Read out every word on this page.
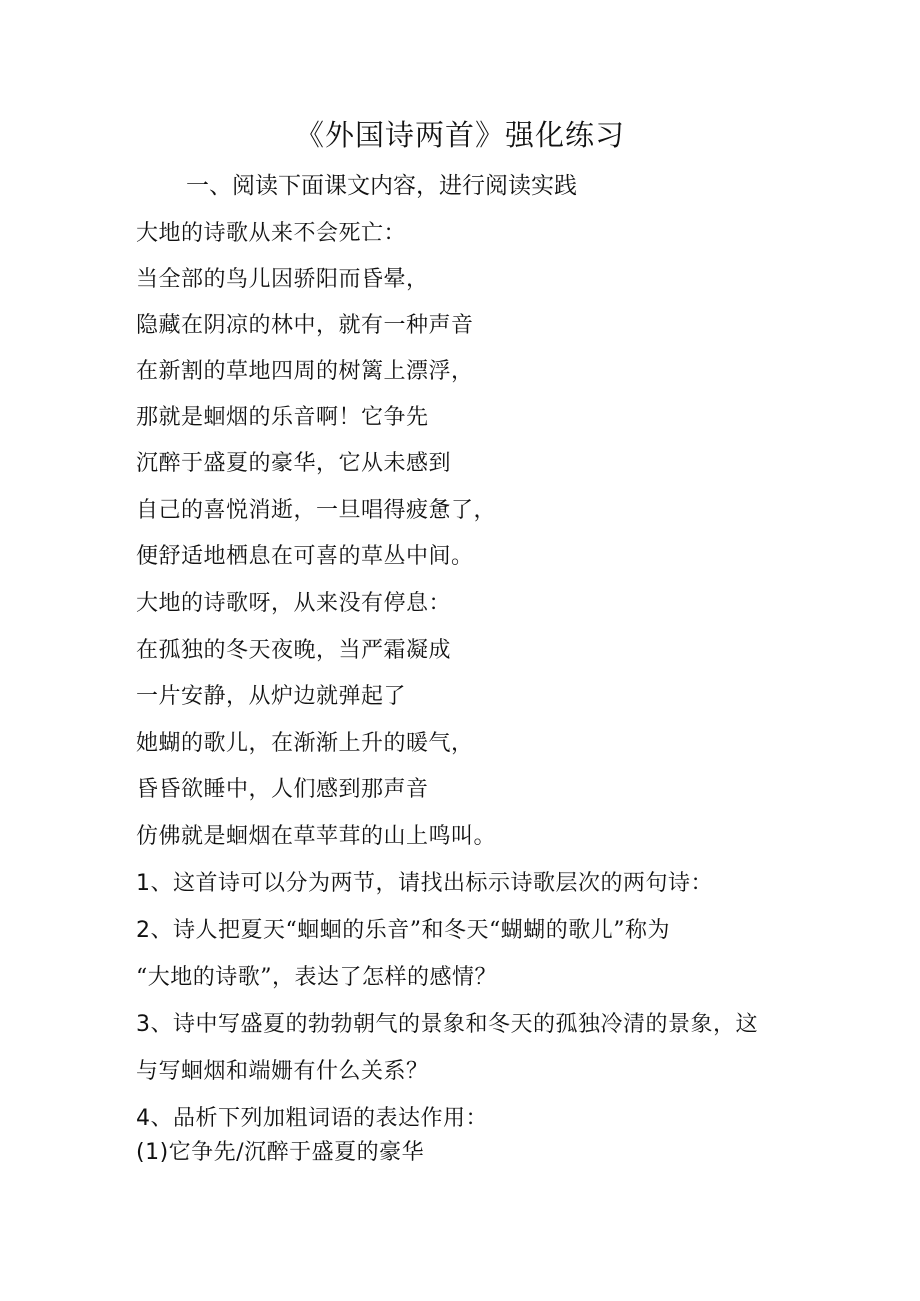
《外国诗两首》强化练习
一、阅读下面课文内容，进行阅读实践
大地的诗歌从来不会死亡：
当全部的鸟儿因骄阳而昏晕，
隐藏在阴凉的林中，就有一种声音
在新割的草地四周的树篱上漂浮，
那就是蛔烟的乐音啊！它争先
沉醉于盛夏的豪华，它从未感到
自己的喜悦消逝，一旦唱得疲惫了，
便舒适地栖息在可喜的草丛中间。
大地的诗歌呀，从来没有停息：
在孤独的冬天夜晚，当严霜凝成
一片安静，从炉边就弹起了
她蝴的歌儿，在渐渐上升的暖气，
昏昏欲睡中，人们感到那声音
仿佛就是蛔烟在草苹茸的山上鸣叫。
1、这首诗可以分为两节，请找出标示诗歌层次的两句诗：
2、诗人把夏天“蛔蛔的乐音”和冬天“蝴蝴的歌儿”称为
“大地的诗歌”，表达了怎样的感情？
3、诗中写盛夏的勃勃朝气的景象和冬天的孤独冷清的景象，这
与写蛔烟和端姗有什么关系？
4、品析下列加粗词语的表达作用：
(1)它争先/沉醉于盛夏的豪华
